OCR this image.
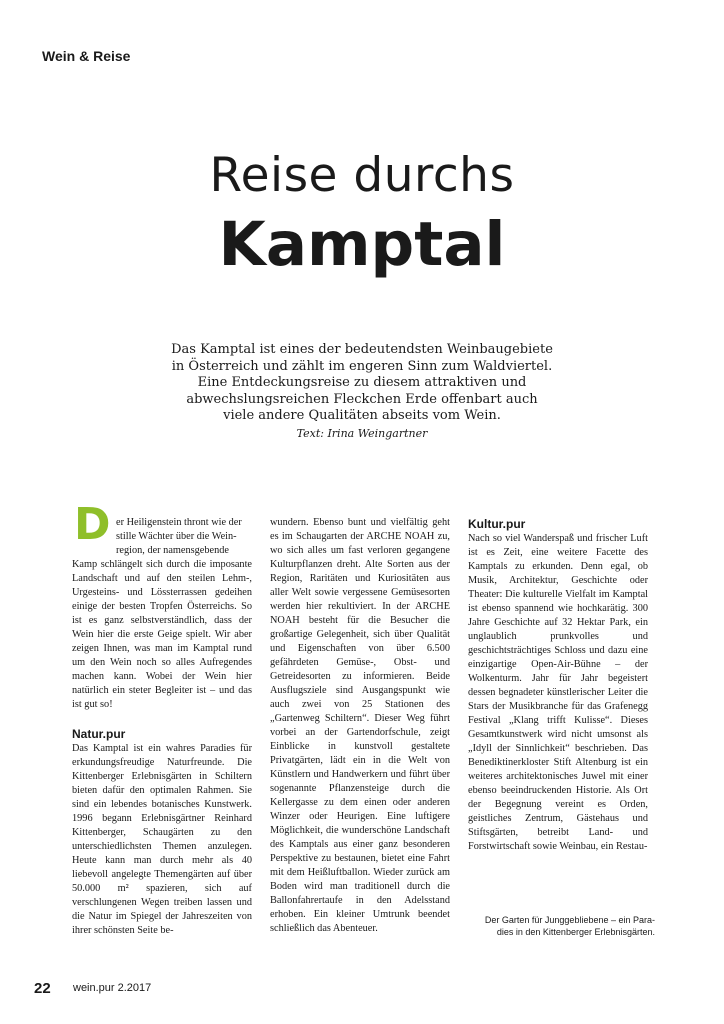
Wein & Reise
Reise durchs
Kamptal
Das Kamptal ist eines der bedeutendsten Weinbaugebiete
in Österreich und zählt im engeren Sinn zum Waldviertel.
Eine Entdeckungsreise zu diesem attraktiven und
abwechslungsreichen Fleckchen Erde offenbart auch
viele andere Qualitäten abseits vom Wein.
Text: Irina Weingartner
D er Heiligenstein thront wie der
stille Wächter über die Wein-
region, der namensgebende

Kamp schlängelt sich durch die imposante Landschaft und auf den steilen Lehm-, Urgesteins- und Lössterrassen gedeihen einige der besten Tropfen Österreichs. So ist es ganz selbstverständlich, dass der Wein hier die erste Geige spielt. Wir aber zeigen Ihnen, was man im Kamptal rund um den Wein noch so alles Aufregendes machen kann. Wobei der Wein hier natürlich ein steter Begleiter ist – und das ist gut so!

Natur.pur

Das Kamptal ist ein wahres Paradies für erkundungsfreudige Naturfreunde. Die Kittenberger Erlebnisgärten in Schiltern bieten dafür den optimalen Rahmen. Sie sind ein lebendes botanisches Kunstwerk. 1996 begann Erlebnisgärtner Reinhard Kittenberger, Schaugärten zu den unterschiedlichsten Themen anzulegen. Heute kann man durch mehr als 40 liebevoll angelegte Themengärten auf über 50.000 m² spazieren, sich auf verschlungenen Wegen treiben lassen und die Natur im Spiegel der Jahreszeiten von ihrer schönsten Seite be-

wundern. Ebenso bunt und vielfältig geht es im Schaugarten der ARCHE NOAH zu, wo sich alles um fast verloren gegangene Kulturpflanzen dreht. Alte Sorten aus der Region, Raritäten und Kuriositäten aus aller Welt sowie vergessene Gemüsesorten werden hier rekultiviert. In der ARCHE NOAH besteht für die Besucher die großartige Gelegenheit, sich über Qualität und Eigenschaften von über 6.500 gefährdeten Gemüse-, Obst- und Getreidesorten zu informieren. Beide Ausflugsziele sind Ausgangspunkt wie auch zwei von 25 Stationen des „Gartenweg Schiltern“. Dieser Weg führt vorbei an der Gartendorfschule, zeigt Einblicke in kunstvoll gestaltete Privatgärten, lädt ein in die Welt von Künstlern und Handwerkern und führt über sogenannte Pflanzensteige durch die Kellergasse zu dem einen oder anderen Winzer oder Heurigen. Eine luftigere Möglichkeit, die wunderschöne Landschaft des Kamptals aus einer ganz besonderen Perspektive zu bestaunen, bietet eine Fahrt mit dem Heißluftballon. Wieder zurück am Boden wird man traditionell durch die Ballonfahrertaufe in den Adelsstand erhoben. Ein kleiner Umtrunk beendet schließlich das Abenteuer.

Kultur.pur

Nach so viel Wanderspaß und frischer Luft ist es Zeit, eine weitere Facette des Kamptals zu erkunden. Denn egal, ob Musik, Architektur, Geschichte oder Theater: Die kulturelle Vielfalt im Kamptal ist ebenso spannend wie hochkarätig. 300 Jahre Geschichte auf 32 Hektar Park, ein unglaublich prunkvolles und geschichtsträchtiges Schloss und dazu eine einzigartige Open-Air-Bühne – der Wolkenturm. Jahr für Jahr begeistert dessen begnadeter künstlerischer Leiter die Stars der Musikbranche für das Grafenegg Festival „Klang trifft Kulisse“. Dieses Gesamtkunstwerk wird nicht umsonst als „Idyll der Sinnlichkeit“ beschrieben. Das Benediktinerkloster Stift Altenburg ist ein weiteres architektonisches Juwel mit einer ebenso beeindruckenden Historie. Als Ort der Begegnung vereint es Orden, geistliches Zentrum, Gästehaus und Stiftsgärten, betreibt Land- und Forstwirtschaft sowie Weinbau, ein Restau-

Der Garten für Junggebliebene – ein Para-
dies in den Kittenberger Erlebnisgärten.
22 wein.pur 2.2017
